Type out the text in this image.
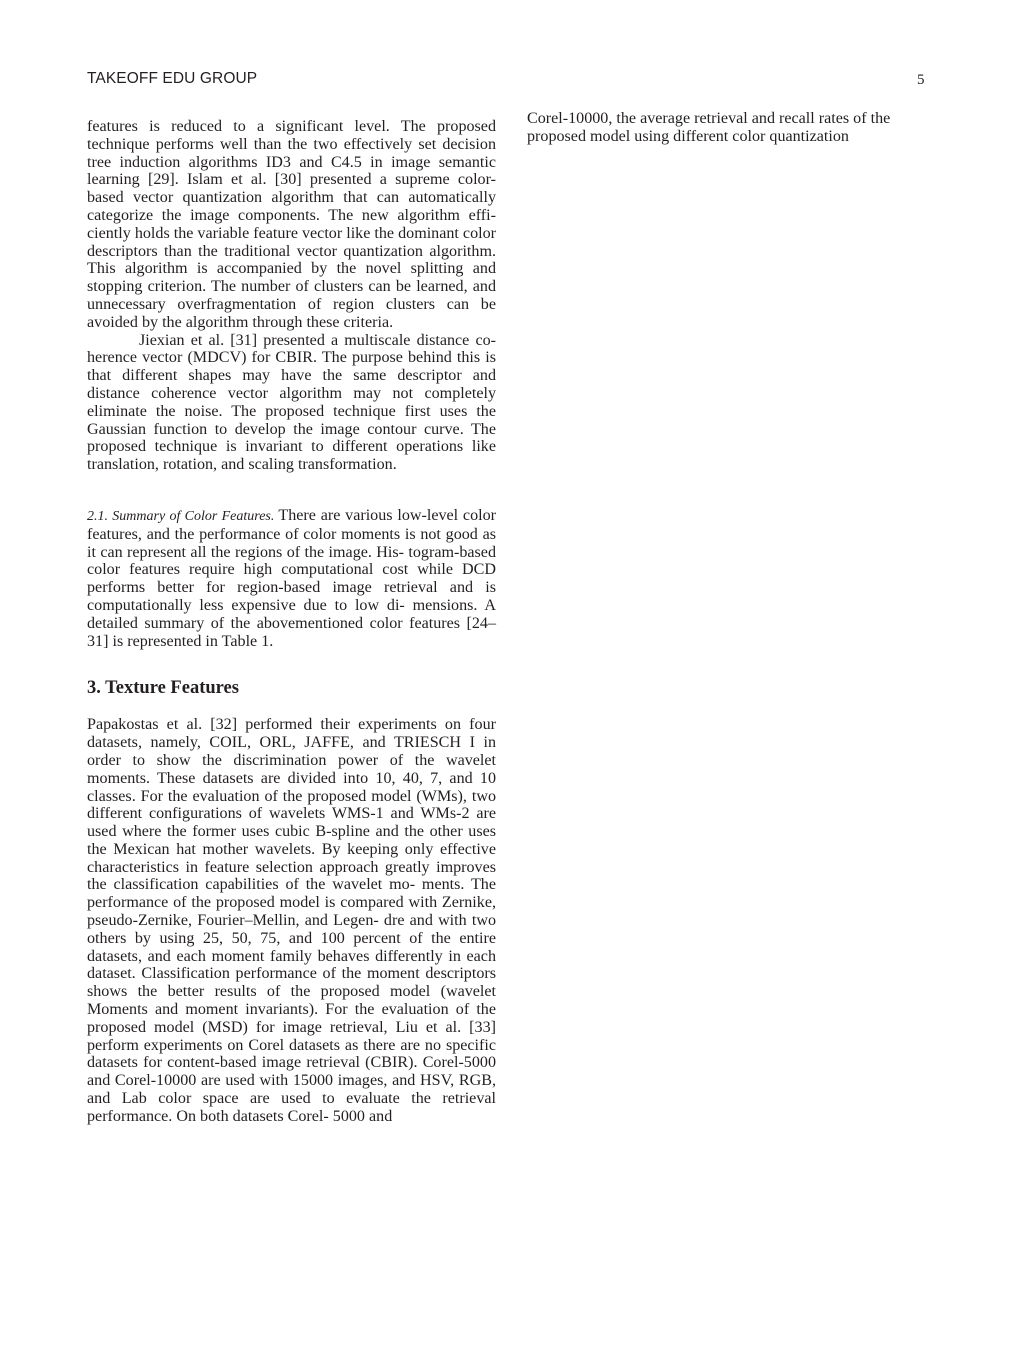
TAKEOFF EDU GROUP	5

features is reduced to a significant level. The proposed technique performs well than the two effectively set decision tree induction algorithms ID3 and C4.5 in image semantic learning [29]. Islam et al. [30] presented a supreme color- based vector quantization algorithm that can automatically categorize the image components. The new algorithm effi- ciently holds the variable feature vector like the dominant color descriptors than the traditional vector quantization algorithm. This algorithm is accompanied by the novel splitting and stopping criterion. The number of clusters can be learned, and unnecessary overfragmentation of region clusters can be avoided by the algorithm through these criteria.

Jiexian et al. [31] presented a multiscale distance co- herence vector (MDCV) for CBIR. The purpose behind this is that different shapes may have the same descriptor and distance coherence vector algorithm may not completely eliminate the noise. The proposed technique first uses the Gaussian function to develop the image contour curve. The proposed technique is invariant to different operations like translation, rotation, and scaling transformation.

2.1. Summary of Color Features. There are various low-level color features, and the performance of color moments is not good as it can represent all the regions of the image. His- togram-based color features require high computational cost while DCD performs better for region-based image retrieval and is computationally less expensive due to low di- mensions. A detailed summary of the abovementioned color features [24–31] is represented in Table 1.

3. Texture Features

Papakostas et al. [32] performed their experiments on four datasets, namely, COIL, ORL, JAFFE, and TRIESCH I in order to show the discrimination power of the wavelet moments. These datasets are divided into 10, 40, 7, and 10 classes. For the evaluation of the proposed model (WMs), two different configurations of wavelets WMS-1 and WMs-2 are used where the former uses cubic B-spline and the other uses the Mexican hat mother wavelets. By keeping only effective characteristics in feature selection approach greatly improves the classification capabilities of the wavelet mo- ments. The performance of the proposed model is compared with Zernike, pseudo-Zernike, Fourier–Mellin, and Legen- dre and with two others by using 25, 50, 75, and 100 percent of the entire datasets, and each moment family behaves differently in each dataset. Classification performance of the moment descriptors shows the better results of the proposed model (wavelet Moments and moment invariants). For the evaluation of the proposed model (MSD) for image retrieval, Liu et al. [33] perform experiments on Corel datasets as there are no specific datasets for content-based image retrieval (CBIR). Corel-5000 and Corel-10000 are used with 15000 images, and HSV, RGB, and Lab color space are used to evaluate the retrieval performance. On both datasets Corel- 5000 and

Corel-10000, the average retrieval and recall rates of the proposed model using different color quantization
